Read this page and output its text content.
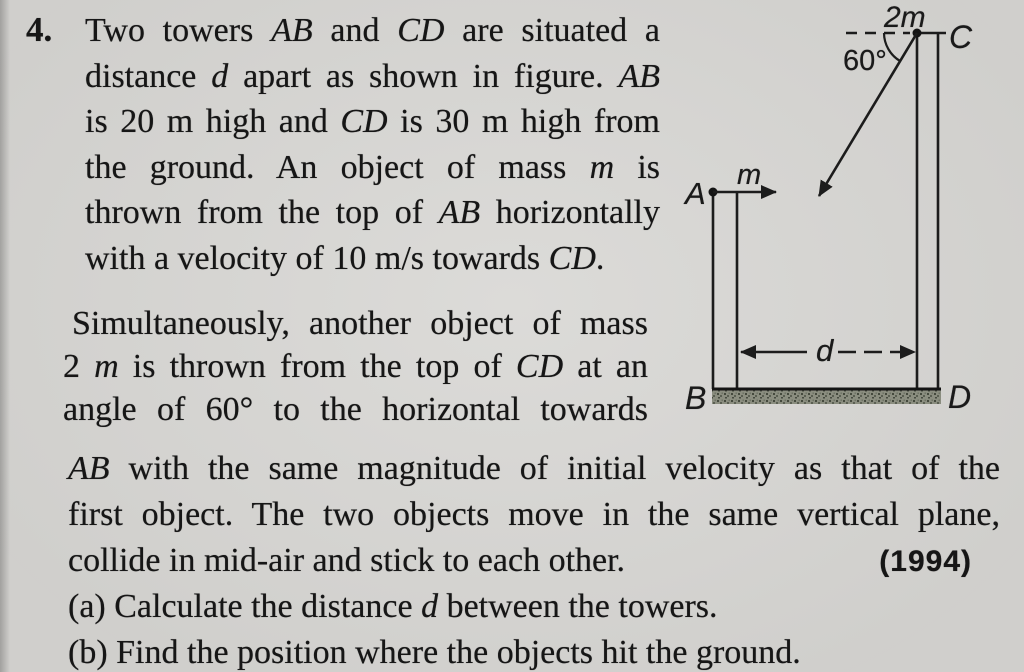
4. Two towers AB and CD are situated a
distance d apart as shown in figure. AB
is 20 m high and CD is 30 m high from
the ground. An object of mass m is
thrown from the top of AB horizontally
with a velocity of 10 m/s towards CD.
Simultaneously, another object of mass
2 m is thrown from the top of CD at an
angle of 60° to the horizontal towards
AB with the same magnitude of initial velocity as that of the
first object. The two objects move in the same vertical plane,
collide in mid-air and stick to each other.	(1994)
(a) Calculate the distance d between the towers.
(b) Find the position where the objects hit the ground.
2m
60°
C
A
m
B	D
d
